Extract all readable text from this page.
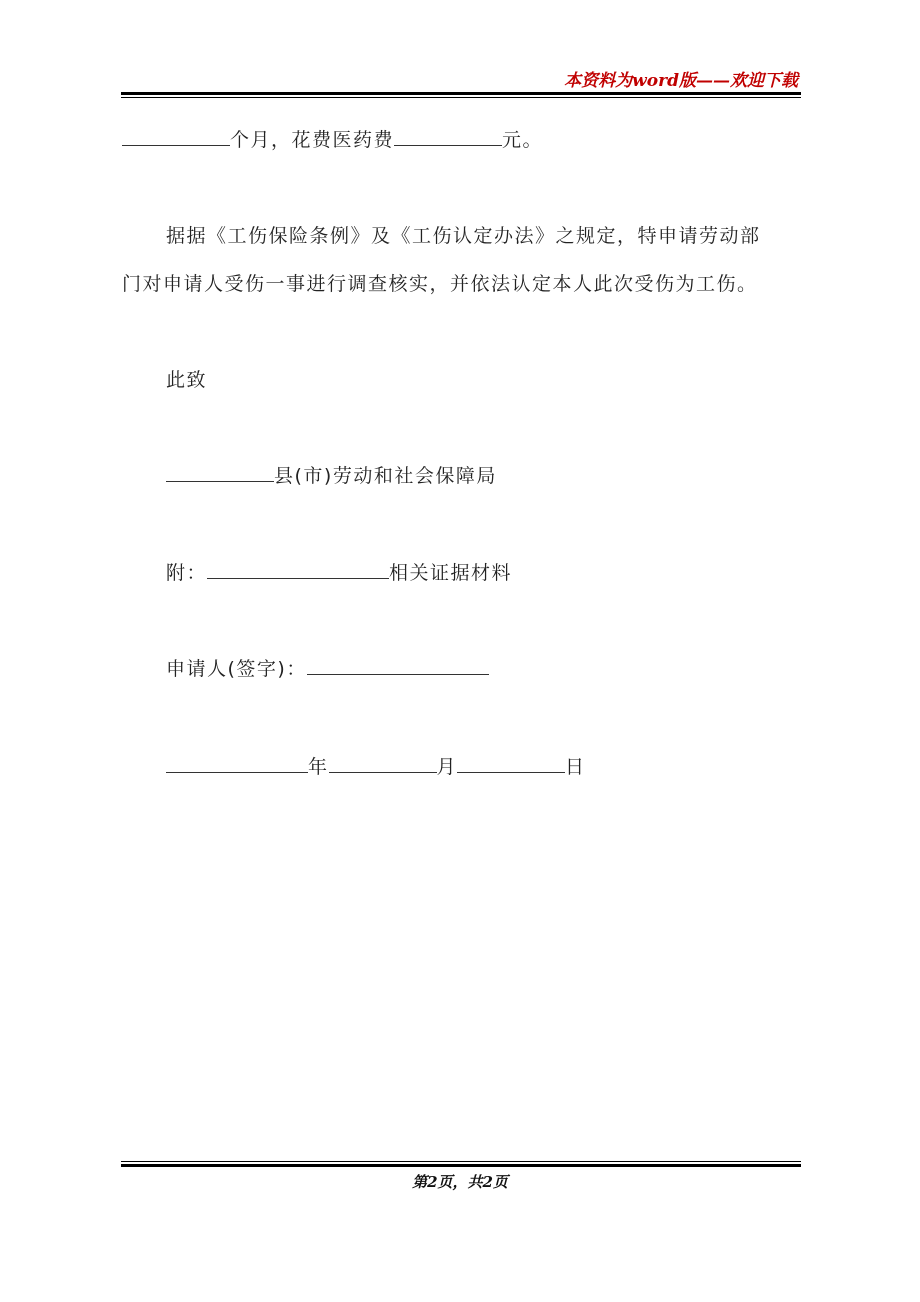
本资料为word版——欢迎下载
个月，花费医药费	元。
据据《工伤保险条例》及《工伤认定办法》之规定，特申请劳动部
门对申请人受伤一事进行调查核实，并依法认定本人此次受伤为工伤。
此致
县(市)劳动和社会保障局
附：	相关证据材料
申请人(签字)：
年	月	日
第2页，共2页
